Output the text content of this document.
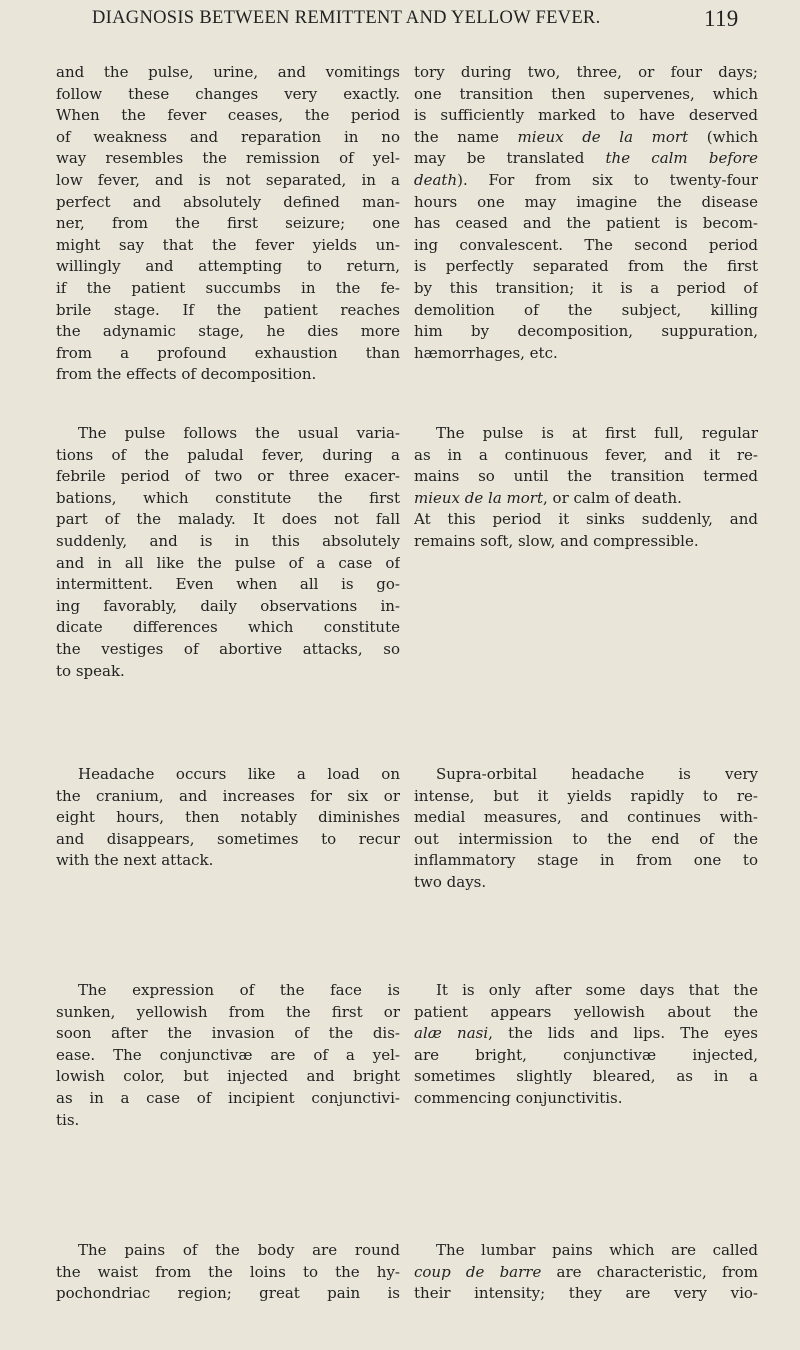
DIAGNOSIS BETWEEN REMITTENT AND YELLOW FEVER.	119
and the pulse, urine, and vomitings
follow these changes very exactly.
When the fever ceases, the period
of weakness and reparation in no
way resembles the remission of yel-
low fever, and is not separated, in a
perfect and absolutely defined man-
ner, from the first seizure; one
might say that the fever yields un-
willingly and attempting to return,
if the patient succumbs in the fe-
brile stage. If the patient reaches
the adynamic stage, he dies more
from a profound exhaustion than
from the effects of decomposition.
The pulse follows the usual varia-
tions of the paludal fever, during a
febrile period of two or three exacer-
bations, which constitute the first
part of the malady. It does not fall
suddenly, and is in this absolutely
and in all like the pulse of a case of
intermittent. Even when all is go-
ing favorably, daily observations in-
dicate differences which constitute
the vestiges of abortive attacks, so
to speak.
Headache occurs like a load on
the cranium, and increases for six or
eight hours, then notably diminishes
and disappears, sometimes to recur
with the next attack.
The expression of the face is
sunken, yellowish from the first or
soon after the invasion of the dis-
ease. The conjunctivæ are of a yel-
lowish color, but injected and bright
as in a case of incipient conjunctivi-
tis.
The pains of the body are round
the waist from the loins to the hy-
pochondriac region; great pain is
tory during two, three, or four days;
one transition then supervenes, which
is sufficiently marked to have deserved
the name mieux de la mort (which
may be translated the calm before
death). For from six to twenty-four
hours one may imagine the disease
has ceased and the patient is becom-
ing convalescent. The second period
is perfectly separated from the first
by this transition; it is a period of
demolition of the subject, killing
him by decomposition, suppuration,
hæmorrhages, etc.
The pulse is at first full, regular
as in a continuous fever, and it re-
mains so until the transition termed
mieux de la mort, or calm of death.
At this period it sinks suddenly, and
remains soft, slow, and compressible.
Supra-orbital headache is very
intense, but it yields rapidly to re-
medial measures, and continues with-
out intermission to the end of the
inflammatory stage in from one to
two days.
It is only after some days that the
patient appears yellowish about the
alæ nasi, the lids and lips. The eyes
are bright, conjunctivæ injected,
sometimes slightly bleared, as in a
commencing conjunctivitis.
The lumbar pains which are called
coup de barre are characteristic, from
their intensity; they are very vio-
